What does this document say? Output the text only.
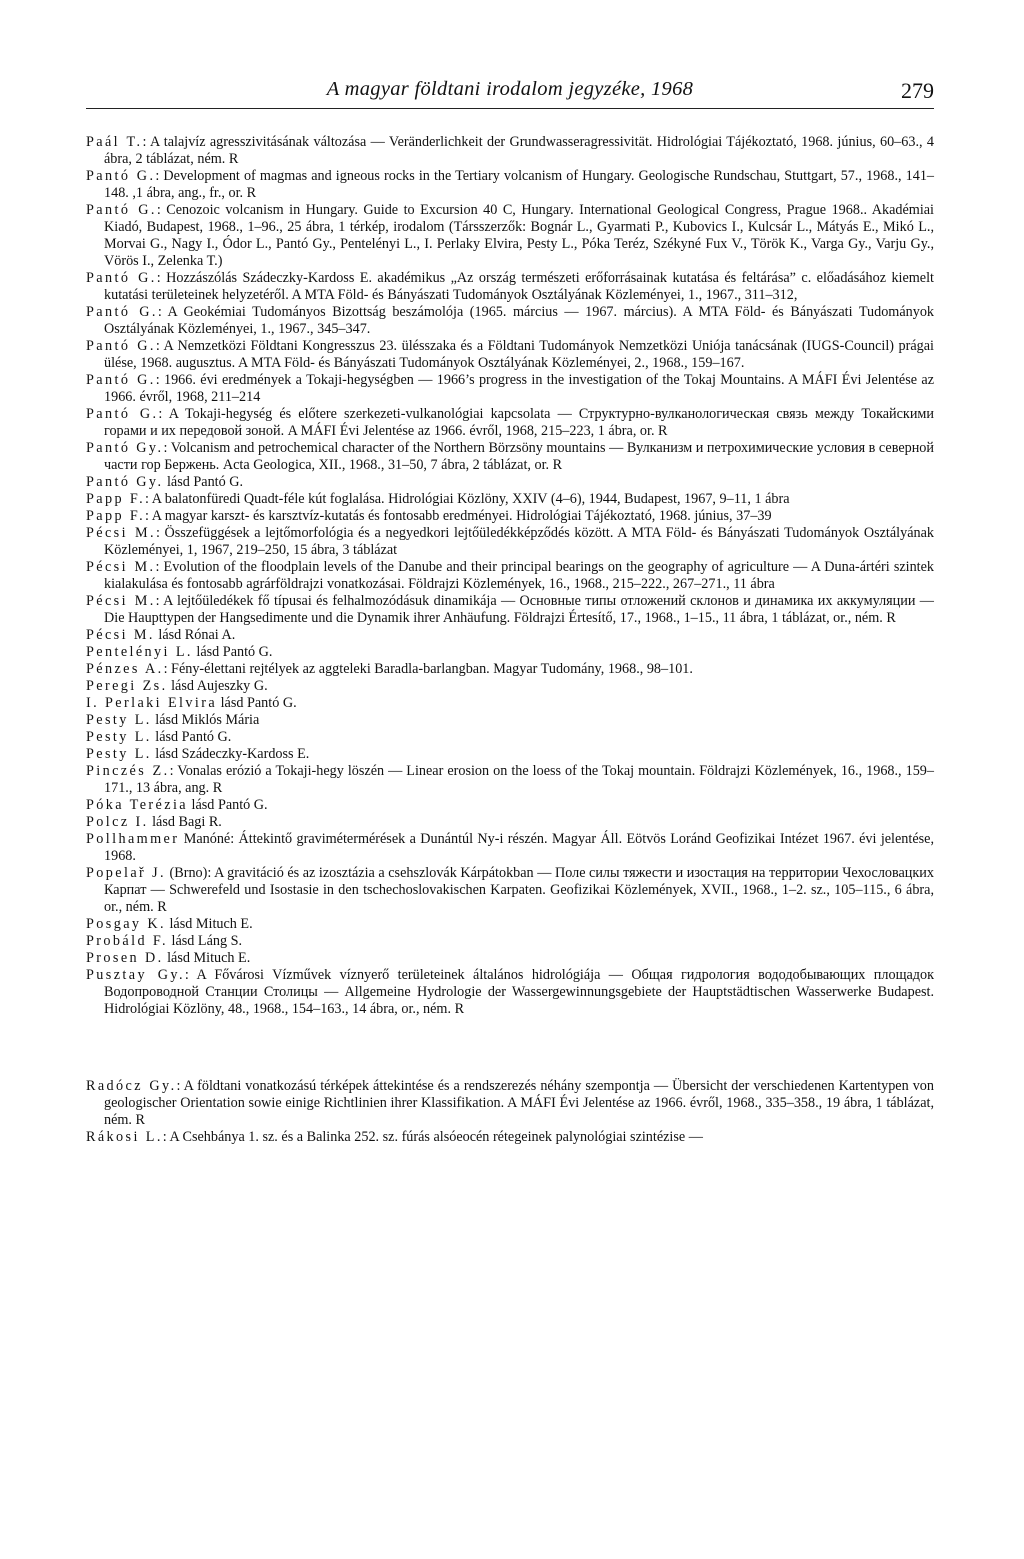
A magyar földtani irodalom jegyzéke, 1968	279

Paál T.: A talajvíz agresszivitásának változása — Veränderlichkeit der Grundwasseragressivität. Hidrológiai Tájékoztató, 1968. június, 60–63., 4 ábra, 2 táblázat, ném. R

Pantó G.: Development of magmas and igneous rocks in the Tertiary volcanism of Hungary. Geologische Rundschau, Stuttgart, 57., 1968., 141–148. ,1 ábra, ang., fr., or. R

Pantó G.: Cenozoic volcanism in Hungary. Guide to Excursion 40 C, Hungary. International Geological Congress, Prague 1968.. Akadémiai Kiadó, Budapest, 1968., 1–96., 25 ábra, 1 térkép, irodalom (Társszerzők: Bognár L., Gyarmati P., Kubovics I., Kulcsár L., Mátyás E., Mikó L., Morvai G., Nagy I., Ódor L., Pantó Gy., Pentelényi L., I. Perlaky Elvira, Pesty L., Póka Teréz, Székyné Fux V., Török K., Varga Gy., Varju Gy., Vörös I., Zelenka T.)

Pantó G.: Hozzászólás Szádeczky-Kardoss E. akadémikus „Az ország természeti erőforrásainak kutatása és feltárása” c. előadásához kiemelt kutatási területeinek helyzetéről. A MTA Föld- és Bányászati Tudományok Osztályának Közleményei, 1., 1967., 311–312,

Pantó G.: A Geokémiai Tudományos Bizottság beszámolója (1965. március — 1967. március). A MTA Föld- és Bányászati Tudományok Osztályának Közleményei, 1., 1967., 345–347.

Pantó G.: A Nemzetközi Földtani Kongresszus 23. ülésszaka és a Földtani Tudományok Nemzetközi Uniója tanácsának (IUGS-Council) prágai ülése, 1968. augusztus. A MTA Föld- és Bányászati Tudományok Osztályának Közleményei, 2., 1968., 159–167.

Pantó G.: 1966. évi eredmények a Tokaji-hegységben — 1966’s progress in the investigation of the Tokaj Mountains. A MÁFI Évi Jelentése az 1966. évről, 1968, 211–214

Pantó G.: A Tokaji-hegység és előtere szerkezeti-vulkanológiai kapcsolata — Структурно-вулканологическая связь между Токайскими горами и их передовой зоной. A MÁFI Évi Jelentése az 1966. évről, 1968, 215–223, 1 ábra, or. R

Pantó Gy.: Volcanism and petrochemical character of the Northern Börzsöny mountains — Вулканизм и петрохимические условия в северной части гор Бержень. Acta Geologica, XII., 1968., 31–50, 7 ábra, 2 táblázat, or. R

Pantó Gy. lásd Pantó G.

Papp F.: A balatonfüredi Quadt-féle kút foglalása. Hidrológiai Közlöny, XXIV (4–6), 1944, Budapest, 1967, 9–11, 1 ábra

Papp F.: A magyar karszt- és karsztvíz-kutatás és fontosabb eredményei. Hidrológiai Tájékoztató, 1968. június, 37–39

Pécsi M.: Összefüggések a lejtőmorfológia és a negyedkori lejtőüledékképződés között. A MTA Föld- és Bányászati Tudományok Osztályának Közleményei, 1, 1967, 219–250, 15 ábra, 3 táblázat

Pécsi M.: Evolution of the floodplain levels of the Danube and their principal bearings on the geography of agriculture — A Duna-ártéri szintek kialakulása és fontosabb agrárföldrajzi vonatkozásai. Földrajzi Közlemények, 16., 1968., 215–222., 267–271., 11 ábra

Pécsi M.: A lejtőüledékek fő típusai és felhalmozódásuk dinamikája — Основные типы отложений склонов и динамика их аккумуляции — Die Haupttypen der Hangsedimente und die Dynamik ihrer Anhäufung. Földrajzi Értesítő, 17., 1968., 1–15., 11 ábra, 1 táblázat, or., ném. R

Pécsi M. lásd Rónai A.

Pentelényi L. lásd Pantó G.

Pénzes A.: Fény-élettani rejtélyek az aggteleki Baradla-barlangban. Magyar Tudomány, 1968., 98–101.

Peregi Zs. lásd Aujeszky G.

I. Perlaki Elvira lásd Pantó G.

Pesty L. lásd Miklós Mária

Pesty L. lásd Pantó G.

Pesty L. lásd Szádeczky-Kardoss E.

Pinczés Z.: Vonalas erózió a Tokaji-hegy löszén — Linear erosion on the loess of the Tokaj mountain. Földrajzi Közlemények, 16., 1968., 159–171., 13 ábra, ang. R

Póka Terézia lásd Pantó G.

Polcz I. lásd Bagi R.

Pollhammer Manóné: Áttekintő gravimétermérések a Dunántúl Ny-i részén. Magyar Áll. Eötvös Loránd Geofizikai Intézet 1967. évi jelentése, 1968.

Popelař J. (Brno): A gravitáció és az izosztázia a csehszlovák Kárpátokban — Поле силы тяжести и изостация на территории Чехословацких Карпат — Schwerefeld und Isostasie in den tschechoslovakischen Karpaten. Geofizikai Közlemények, XVII., 1968., 1–2. sz., 105–115., 6 ábra, or., ném. R

Posgay K. lásd Mituch E.

Probáld F. lásd Láng S.

Prosen D. lásd Mituch E.

Pusztay Gy.: A Fővárosi Vízművek víznyerő területeinek általános hidrológiája — Общая гидрология вододобывающих площадок Водопроводной Станции Столицы — Allgemeine Hydrologie der Wassergewinnungsgebiete der Hauptstädtischen Wasserwerke Budapest. Hidrológiai Közlöny, 48., 1968., 154–163., 14 ábra, or., ném. R

Radócz Gy.: A földtani vonatkozású térképek áttekintése és a rendszerezés néhány szempontja — Übersicht der verschiedenen Kartentypen von geologischer Orientation sowie einige Richtlinien ihrer Klassifikation. A MÁFI Évi Jelentése az 1966. évről, 1968., 335–358., 19 ábra, 1 táblázat, ném. R

Rákosi L.: A Csehbánya 1. sz. és a Balinka 252. sz. fúrás alsóeocén rétegeinek palynológiai szintézise —
